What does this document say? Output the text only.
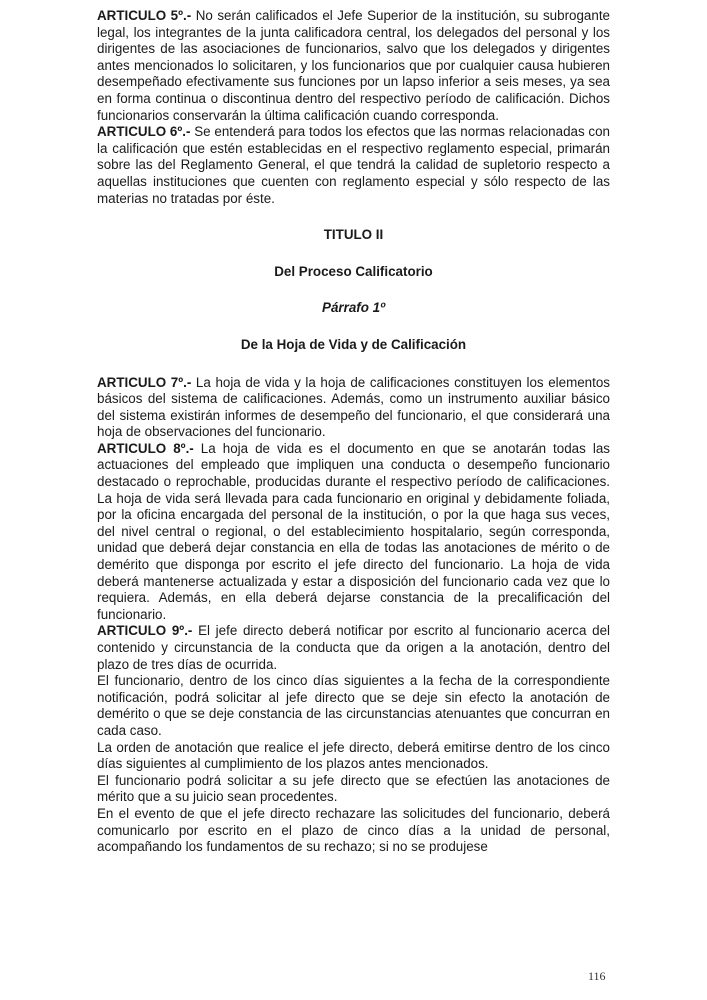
ARTICULO 5º.- No serán calificados el Jefe Superior de la institución, su subrogante legal, los integrantes de la junta calificadora central, los delegados del personal y los dirigentes de las asociaciones de funcionarios, salvo que los delegados y dirigentes antes mencionados lo solicitaren, y los funcionarios que por cualquier causa hubieren desempeñado efectivamente sus funciones por un lapso inferior a seis meses, ya sea en forma continua o discontinua dentro del respectivo período de calificación. Dichos funcionarios conservarán la última calificación cuando corresponda.

ARTICULO 6º.- Se entenderá para todos los efectos que las normas relacionadas con la calificación que estén establecidas en el respectivo reglamento especial, primarán sobre las del Reglamento General, el que tendrá la calidad de supletorio respecto a aquellas instituciones que cuenten con reglamento especial y sólo respecto de las materias no tratadas por éste.

TITULO II

Del Proceso Calificatorio

Párrafo 1º

De la Hoja de Vida y de Calificación

ARTICULO 7º.- La hoja de vida y la hoja de calificaciones constituyen los elementos básicos del sistema de calificaciones. Además, como un instrumento auxiliar básico del sistema existirán informes de desempeño del funcionario, el que considerará una hoja de observaciones del funcionario.

ARTICULO 8º.- La hoja de vida es el documento en que se anotarán todas las actuaciones del empleado que impliquen una conducta o desempeño funcionario destacado o reprochable, producidas durante el respectivo período de calificaciones. La hoja de vida será llevada para cada funcionario en original y debidamente foliada, por la oficina encargada del personal de la institución, o por la que haga sus veces, del nivel central o regional, o del establecimiento hospitalario, según corresponda, unidad que deberá dejar constancia en ella de todas las anotaciones de mérito o de demérito que disponga por escrito el jefe directo del funcionario. La hoja de vida deberá mantenerse actualizada y estar a disposición del funcionario cada vez que lo requiera. Además, en ella deberá dejarse constancia de la precalificación del funcionario.

ARTICULO 9º.- El jefe directo deberá notificar por escrito al funcionario acerca del contenido y circunstancia de la conducta que da origen a la anotación, dentro del plazo de tres días de ocurrida.

El funcionario, dentro de los cinco días siguientes a la fecha de la correspondiente notificación, podrá solicitar al jefe directo que se deje sin efecto la anotación de demérito o que se deje constancia de las circunstancias atenuantes que concurran en cada caso.

La orden de anotación que realice el jefe directo, deberá emitirse dentro de los cinco días siguientes al cumplimiento de los plazos antes mencionados.

El funcionario podrá solicitar a su jefe directo que se efectúen las anotaciones de mérito que a su juicio sean procedentes.

En el evento de que el jefe directo rechazare las solicitudes del funcionario, deberá comunicarlo por escrito en el plazo de cinco días a la unidad de personal, acompañando los fundamentos de su rechazo; si no se produjese

116
